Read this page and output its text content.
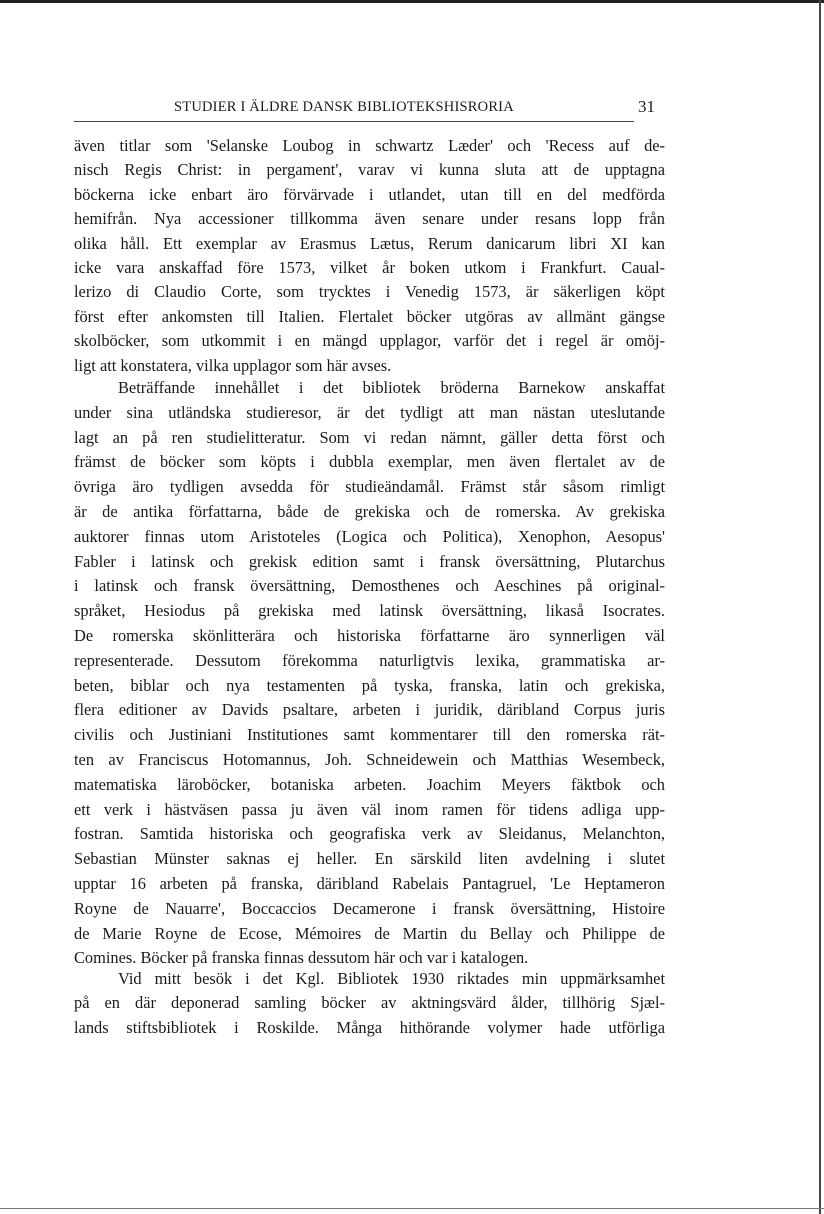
STUDIER I ÄLDRE DANSK BIBLIOTEKSHISRORIA	31
även titlar som 'Selanske Loubog in schwartz Læder' och 'Recess auf de-
nisch Regis Christ: in pergament', varav vi kunna sluta att de upptagna
böckerna icke enbart äro förvärvade i utlandet, utan till en del medförda
hemifrån. Nya accessioner tillkomma även senare under resans lopp från
olika håll. Ett exemplar av Erasmus Lætus, Rerum danicarum libri XI kan
icke vara anskaffad före 1573, vilket år boken utkom i Frankfurt. Caual-
lerizo di Claudio Corte, som trycktes i Venedig 1573, är säkerligen köpt
först efter ankomsten till Italien. Flertalet böcker utgöras av allmänt gängse
skolböcker, som utkommit i en mängd upplagor, varför det i regel är omöj-
ligt att konstatera, vilka upplagor som här avses.
Beträffande innehållet i det bibliotek bröderna Barnekow anskaffat
under sina utländska studieresor, är det tydligt att man nästan uteslutande
lagt an på ren studielitteratur. Som vi redan nämnt, gäller detta först och
främst de böcker som köpts i dubbla exemplar, men även flertalet av de
övriga äro tydligen avsedda för studieändamål. Främst står såsom rimligt
är de antika författarna, både de grekiska och de romerska. Av grekiska
auktorer finnas utom Aristoteles (Logica och Politica), Xenophon, Aesopus'
Fabler i latinsk och grekisk edition samt i fransk översättning, Plutarchus
i latinsk och fransk översättning, Demosthenes och Aeschines på original-
språket, Hesiodus på grekiska med latinsk översättning, likaså Isocrates.
De romerska skönlitterära och historiska författarne äro synnerligen väl
representerade. Dessutom förekomma naturligtvis lexika, grammatiska ar-
beten, biblar och nya testamenten på tyska, franska, latin och grekiska,
flera editioner av Davids psaltare, arbeten i juridik, däribland Corpus juris
civilis och Justiniani Institutiones samt kommentarer till den romerska rät-
ten av Franciscus Hotomannus, Joh. Schneidewein och Matthias Wesembeck,
matematiska läroböcker, botaniska arbeten. Joachim Meyers fäktbok och
ett verk i hästväsen passa ju även väl inom ramen för tidens adliga upp-
fostran. Samtida historiska och geografiska verk av Sleidanus, Melanchton,
Sebastian Münster saknas ej heller. En särskild liten avdelning i slutet
upptar 16 arbeten på franska, däribland Rabelais Pantagruel, 'Le Heptameron
Royne de Nauarre', Boccaccios Decamerone i fransk översättning, Histoire
de Marie Royne de Ecose, Mémoires de Martin du Bellay och Philippe de
Comines. Böcker på franska finnas dessutom här och var i katalogen.
Vid mitt besök i det Kgl. Bibliotek 1930 riktades min uppmärksamhet
på en där deponerad samling böcker av aktningsvärd ålder, tillhörig Sjæl-
lands stiftsbibliotek i Roskilde. Många hithörande volymer hade utförliga
